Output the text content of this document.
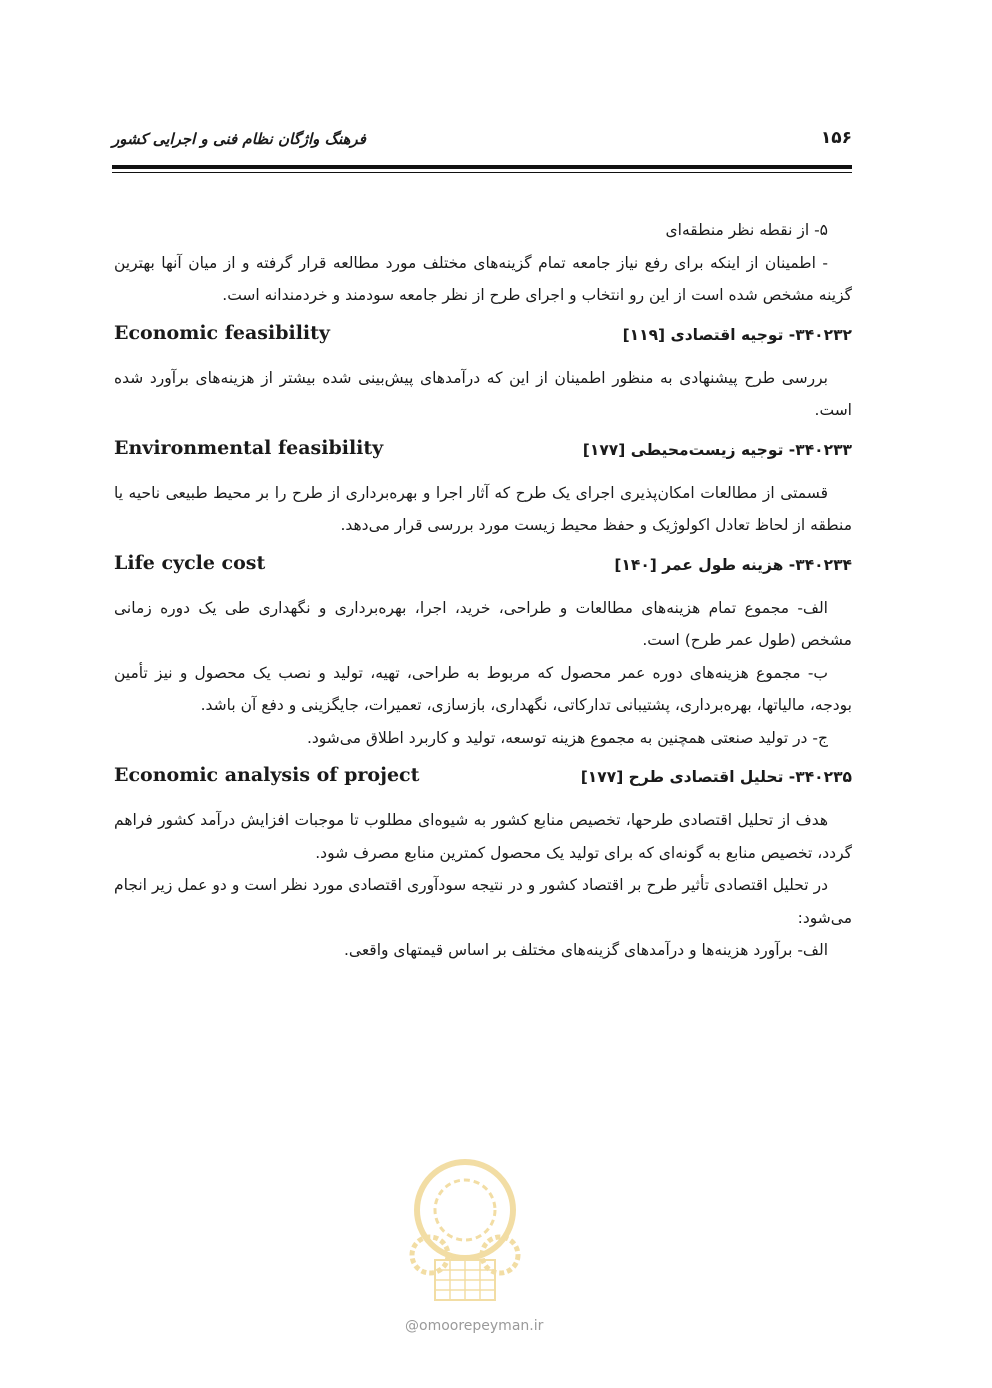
۱۵۶
فرهنگ واژگان نظام فنی و اجرایی کشور

۵- از نقطه نظر منطقه‌ای

- اطمینان از اینکه برای رفع نیاز جامعه تمام گزینه‌های مختلف مورد مطالعه قرار گرفته و از میان آنها بهترین گزینه مشخص شده است از این رو انتخاب و اجرای طرح از نظر جامعه سودمند و خردمندانه است.

۳۴۰۲۳۲- توجیه اقتصادی [۱۱۹]
Economic feasibility

بررسی طرح پیشنهادی به منظور اطمینان از این که درآمدهای پیش‌بینی شده بیشتر از هزینه‌های برآورد شده است.

۳۴۰۲۳۳- توجیه زیست‌محیطی [۱۷۷]
Environmental feasibility

قسمتی از مطالعات امکان‌پذیری اجرای یک طرح که آثار اجرا و بهره‌برداری از طرح را بر محیط طبیعی ناحیه یا منطقه از لحاظ تعادل اکولوژیک و حفظ محیط زیست مورد بررسی قرار می‌دهد.

۳۴۰۲۳۴- هزینه طول عمر [۱۴۰]
Life cycle cost

الف- مجموع تمام هزینه‌های مطالعات و طراحی، خرید، اجرا، بهره‌برداری و نگهداری طی یک دوره زمانی مشخص (طول عمر طرح) است.

ب- مجموع هزینه‌های دوره عمر محصول که مربوط به طراحی، تهیه، تولید و نصب یک محصول و نیز تأمین بودجه، مالیاتها، بهره‌برداری، پشتیبانی تدارکاتی، نگهداری، بازسازی، تعمیرات، جایگزینی و دفع آن باشد.

ج- در تولید صنعتی همچنین به مجموع هزینه توسعه، تولید و کاربرد اطلاق می‌شود.

۳۴۰۲۳۵- تحلیل اقتصادی طرح [۱۷۷]
Economic analysis of project

هدف از تحلیل اقتصادی طرحها، تخصیص منابع کشور به شیوه‌ای مطلوب تا موجبات افزایش درآمد کشور فراهم گردد، تخصیص منابع به گونه‌ای که برای تولید یک محصول کمترین منابع مصرف شود.

در تحلیل اقتصادی تأثیر طرح بر اقتصاد کشور و در نتیجه سودآوری اقتصادی مورد نظر است و دو عمل زیر انجام می‌شود:

الف- برآورد هزینه‌ها و درآمدهای گزینه‌های مختلف بر اساس قیمتهای واقعی.

@omoorepeyman.ir
